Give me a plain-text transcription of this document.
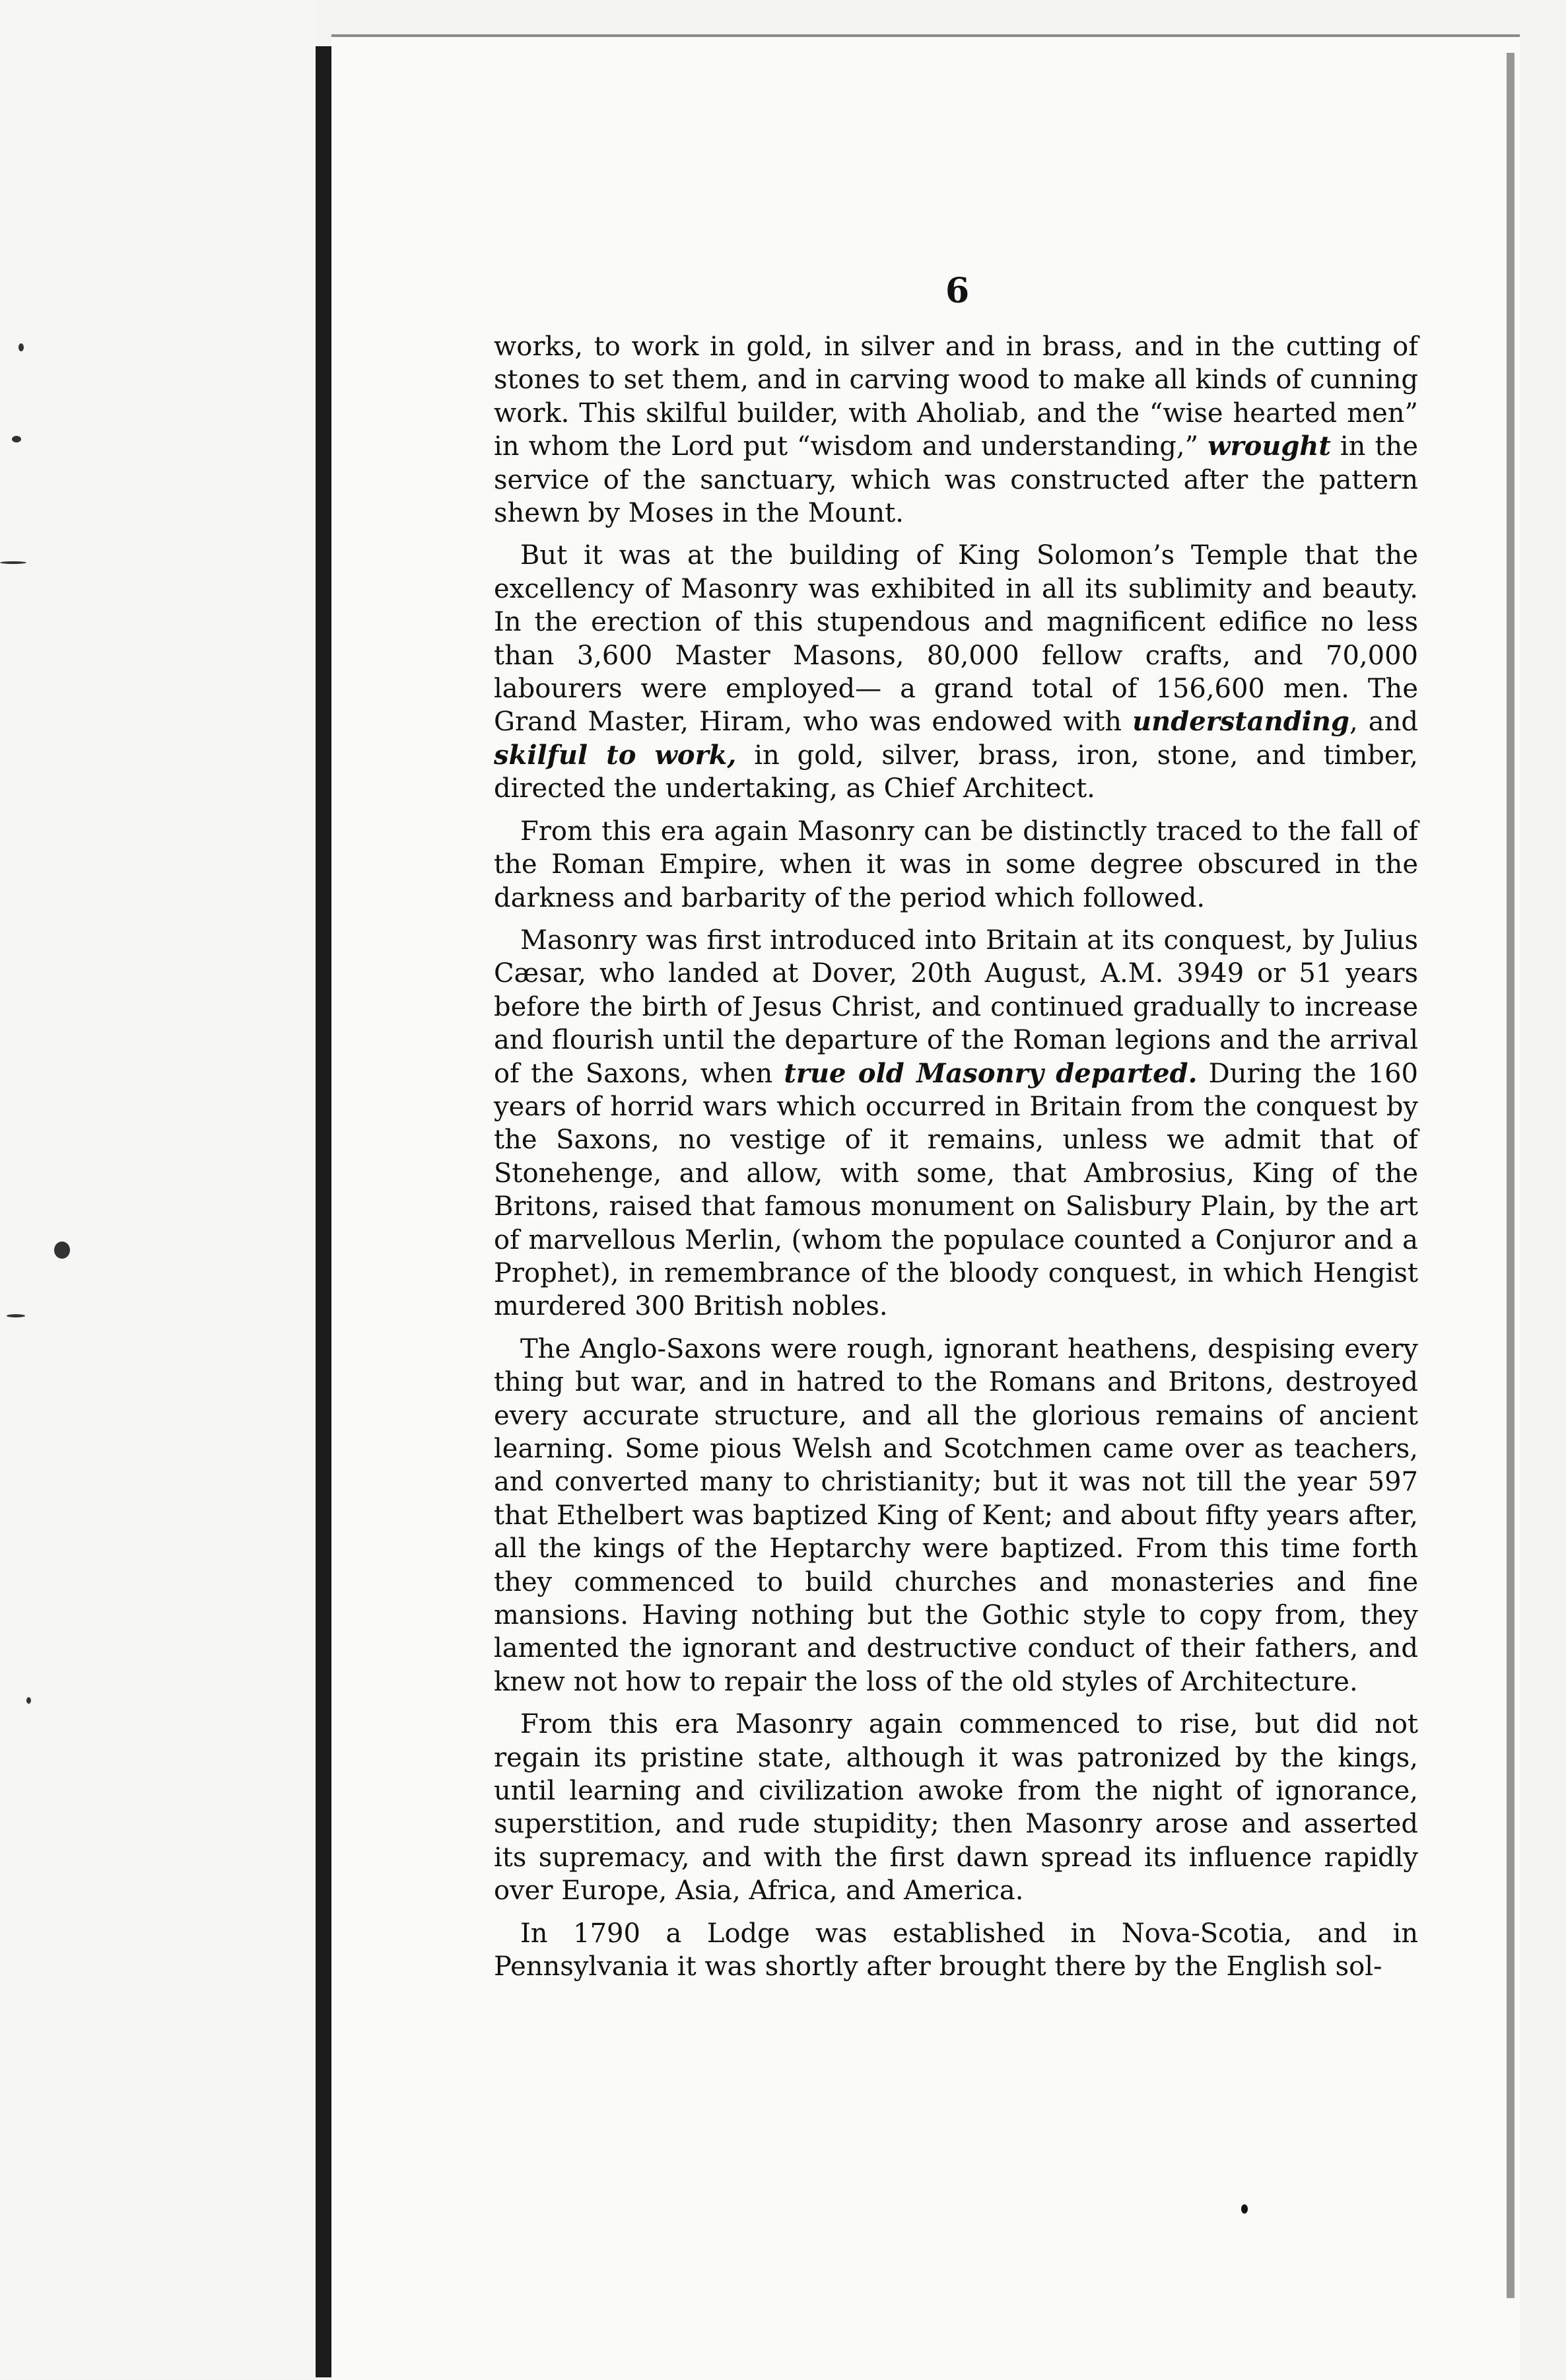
6

works, to work in gold, in silver and in brass, and in the cutting of stones to set them, and in carving wood to make all kinds of cunning work. This skilful builder, with Aholiab, and the “wise hearted men” in whom the Lord put “wisdom and understanding,” wrought in the service of the sanctuary, which was constructed after the pattern shewn by Moses in the Mount.

But it was at the building of King Solomon’s Temple that the excellency of Masonry was exhibited in all its sublimity and beauty. In the erection of this stupendous and magnificent edifice no less than 3,600 Master Masons, 80,000 fellow crafts, and 70,000 labourers were employed— a grand total of 156,600 men. The Grand Master, Hiram, who was endowed with understanding, and skilful to work, in gold, silver, brass, iron, stone, and timber, directed the undertaking, as Chief Architect.

From this era again Masonry can be distinctly traced to the fall of the Roman Empire, when it was in some degree obscured in the darkness and barbarity of the period which followed.

Masonry was first introduced into Britain at its conquest, by Julius Cæsar, who landed at Dover, 20th August, A.M. 3949 or 51 years before the birth of Jesus Christ, and continued gradually to increase and flourish until the departure of the Roman legions and the arrival of the Saxons, when true old Masonry departed. During the 160 years of horrid wars which occurred in Britain from the conquest by the Saxons, no vestige of it remains, unless we admit that of Stonehenge, and allow, with some, that Ambrosius, King of the Britons, raised that famous monument on Salisbury Plain, by the art of marvellous Merlin, (whom the populace counted a Conjuror and a Prophet), in remembrance of the bloody conquest, in which Hengist murdered 300 British nobles.

The Anglo-Saxons were rough, ignorant heathens, despising every thing but war, and in hatred to the Romans and Britons, destroyed every accurate structure, and all the glorious remains of ancient learning. Some pious Welsh and Scotchmen came over as teachers, and converted many to christianity; but it was not till the year 597 that Ethelbert was baptized King of Kent; and about fifty years after, all the kings of the Heptarchy were baptized. From this time forth they commenced to build churches and monasteries and fine mansions. Having nothing but the Gothic style to copy from, they lamented the ignorant and destructive conduct of their fathers, and knew not how to repair the loss of the old styles of Architecture.

From this era Masonry again commenced to rise, but did not regain its pristine state, although it was patronized by the kings, until learning and civilization awoke from the night of ignorance, superstition, and rude stupidity; then Masonry arose and asserted its supremacy, and with the first dawn spread its influence rapidly over Europe, Asia, Africa, and America.

In 1790 a Lodge was established in Nova-Scotia, and in Pennsylvania it was shortly after brought there by the English sol-
